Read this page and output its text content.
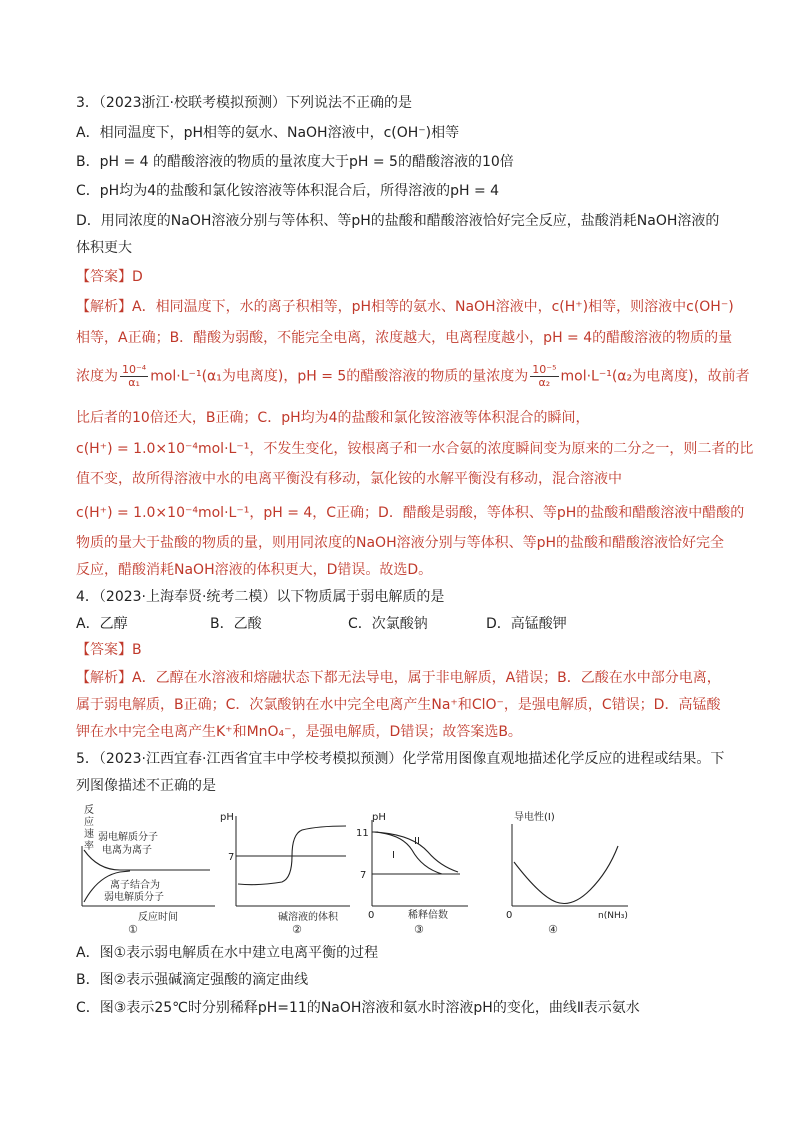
3．（2023浙江·校联考模拟预测）下列说法不正确的是
A．相同温度下，pH相等的氨水、NaOH溶液中，c(OH⁻)相等
B．pH = 4 的醋酸溶液的物质的量浓度大于pH = 5的醋酸溶液的10倍
C．pH均为4的盐酸和氯化铵溶液等体积混合后，所得溶液的pH = 4
D．用同浓度的NaOH溶液分别与等体积、等pH的盐酸和醋酸溶液恰好完全反应，盐酸消耗NaOH溶液的
体积更大
【答案】D
【解析】A．相同温度下，水的离子积相等，pH相等的氨水、NaOH溶液中，c(H⁺)相等，则溶液中c(OH⁻)
相等，A正确；B．醋酸为弱酸，不能完全电离，浓度越大，电离程度越小，pH = 4的醋酸溶液的物质的量
浓度为 $\frac{\text{10⁻⁴}}{\text{α₁}} mol\cdot L^{-1}(\alpha_1$为电离度)，pH = 5的醋酸溶液的物质的量浓度为 $\frac{\text{10⁻⁵}}{\text{α₂}} mol\cdot L^{-1}(\alpha_2$为电离度)，故前者
比后者的10倍还大，B正确；C．pH均为4的盐酸和氯化铵溶液等体积混合的瞬间，
c(H⁺) = 1.0×10⁻⁴mol·L⁻¹，不发生变化，铵根离子和一水合氨的浓度瞬间变为原来的二分之一，则二者的比
值不变，故所得溶液中水的电离平衡没有移动，氯化铵的水解平衡没有移动，混合溶液中
c(H⁺) = 1.0×10⁻⁴mol·L⁻¹，pH = 4，C正确；D．醋酸是弱酸，等体积、等pH的盐酸和醋酸溶液中醋酸的
物质的量大于盐酸的物质的量，则用同浓度的NaOH溶液分别与等体积、等pH的盐酸和醋酸溶液恰好完全
反应，醋酸消耗NaOH溶液的体积更大，D错误。故选D。
4．（2023·上海奉贤·统考二模）以下物质属于弱电解质的是
A．乙醇	B．乙酸	C．次氯酸钠	D．高锰酸钾
【答案】B
【解析】A．乙醇在水溶液和熔融状态下都无法导电，属于非电解质，A错误；B．乙酸在水中部分电离，
属于弱电解质，B正确；C．次氯酸钠在水中完全电离产生Na⁺和ClO⁻，是强电解质，C错误；D．高锰酸
钾在水中完全电离产生K⁺和MnO₄⁻，是强电解质，D错误；故答案选B。
5．（2023·江西宜春·江西省宜丰中学校考模拟预测）化学常用图像直观地描述化学反应的进程或结果。下
列图像描述不正确的是
反
应
速
率
弱电解质分子
电离为离子
离子结合为
弱电解质分子
反应时间
①
pH
7
碱溶液的体积
②
pH
11
7
I
II
0	稀释倍数
③
导电性(I)
0	n(NH₃)
④
A．图①表示弱电解质在水中建立电离平衡的过程
B．图②表示强碱滴定强酸的滴定曲线
C．图③表示25℃时分别稀释pH=11的NaOH溶液和氨水时溶液pH的变化，曲线Ⅱ表示氨水
